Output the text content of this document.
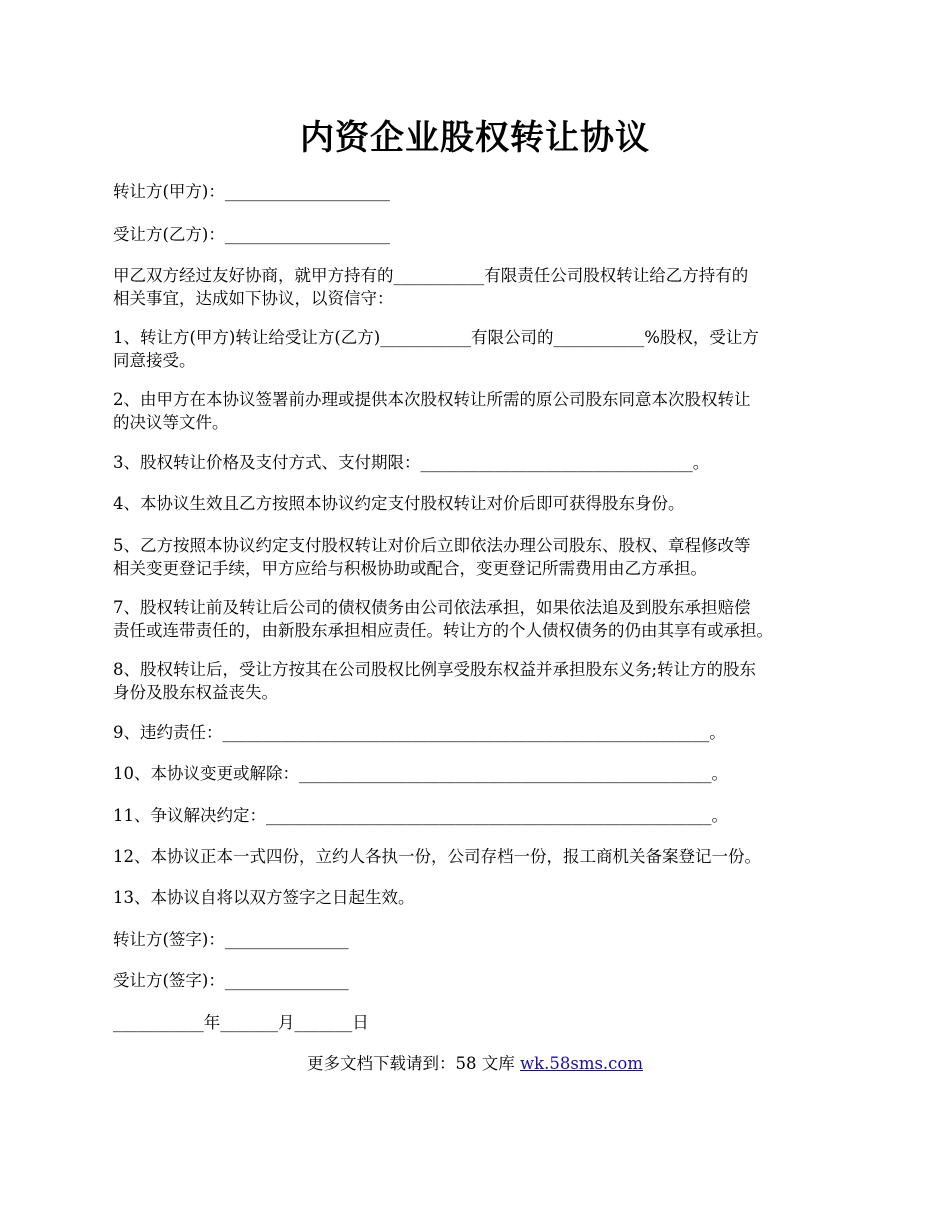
内资企业股权转让协议
转让方(甲方)：____________________
受让方(乙方)：____________________
甲乙双方经过友好协商，就甲方持有的___________有限责任公司股权转让给乙方持有的
相关事宜，达成如下协议，以资信守：
1、转让方(甲方)转让给受让方(乙方)___________有限公司的___________%股权，受让方
同意接受。
2、由甲方在本协议签署前办理或提供本次股权转让所需的原公司股东同意本次股权转让
的决议等文件。
3、股权转让价格及支付方式、支付期限：_________________________________。
4、本协议生效且乙方按照本协议约定支付股权转让对价后即可获得股东身份。
5、乙方按照本协议约定支付股权转让对价后立即依法办理公司股东、股权、章程修改等
相关变更登记手续，甲方应给与积极协助或配合，变更登记所需费用由乙方承担。
7、股权转让前及转让后公司的债权债务由公司依法承担，如果依法追及到股东承担赔偿
责任或连带责任的，由新股东承担相应责任。转让方的个人债权债务的仍由其享有或承担。
8、股权转让后，受让方按其在公司股权比例享受股东权益并承担股东义务;转让方的股东
身份及股东权益丧失。
9、违约责任：___________________________________________________________。
10、本协议变更或解除：__________________________________________________。
11、争议解决约定：______________________________________________________。
12、本协议正本一式四份，立约人各执一份，公司存档一份，报工商机关备案登记一份。
13、本协议自将以双方签字之日起生效。
转让方(签字)：_______________
受让方(签字)：_______________
___________年_______月_______日
更多文档下载请到：58 文库 wk.58sms.com
